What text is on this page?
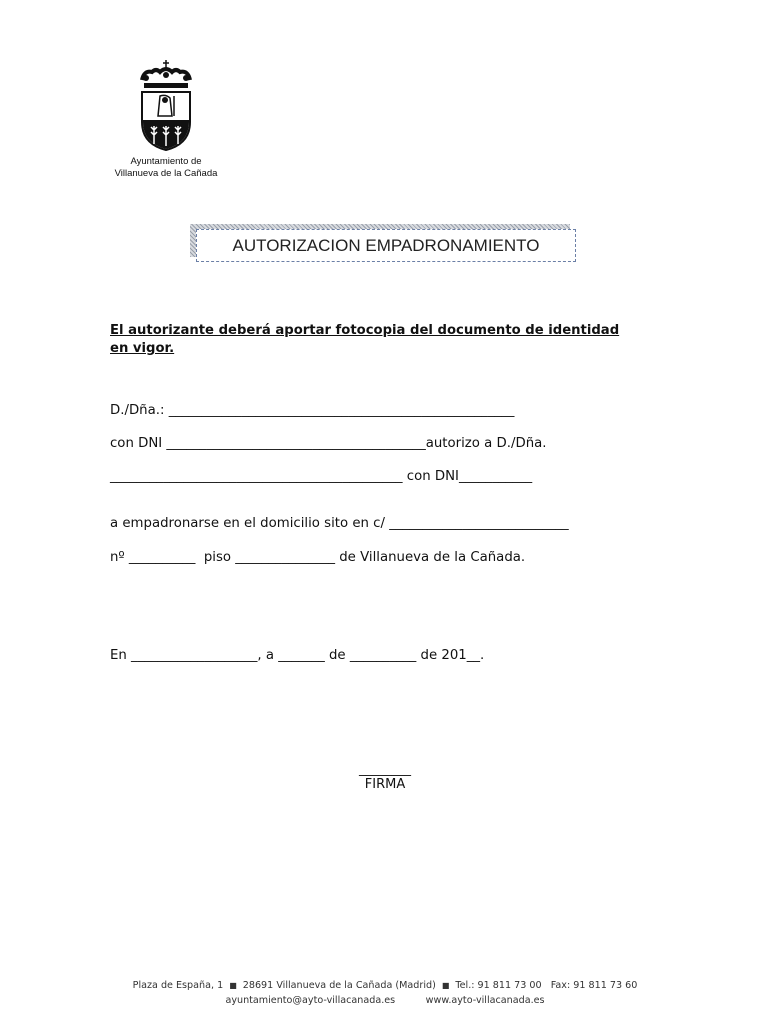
Ayuntamiento de
Villanueva de la Cañada
AUTORIZACION EMPADRONAMIENTO
El autorizante deberá aportar fotocopia del documento de identidad
en vigor.
D./Dña.: ____________________________________________________
con DNI _______________________________________autorizo a D./Dña.
____________________________________________ con DNI___________
a empadronarse en el domicilio sito en c/ ___________________________
nº __________  piso _______________ de Villanueva de la Cañada.
En ___________________, a _______ de __________ de 201__.
________
FIRMA
Plaza de España, 1 ■ 28691 Villanueva de la Cañada (Madrid) ■ Tel.: 91 811 73 00 Fax: 91 811 73 60
ayuntamiento@ayto-villacanada.es	www.ayto-villacanada.es
